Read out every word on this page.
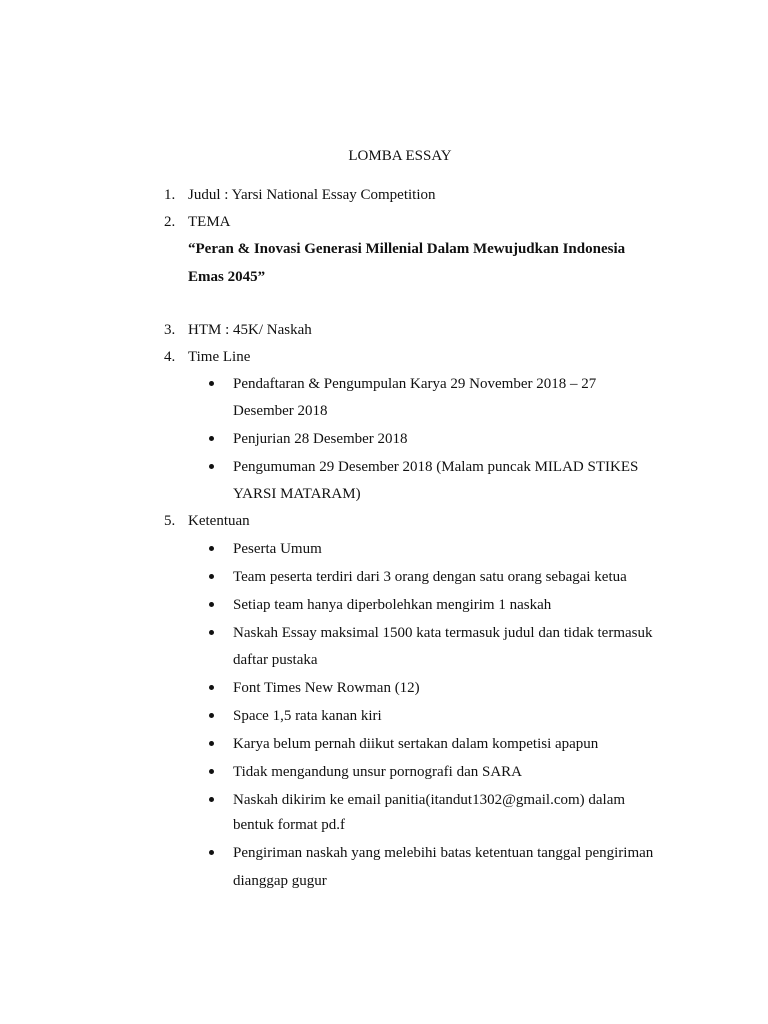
LOMBA ESSAY
1. Judul : Yarsi National Essay Competition
2. TEMA
“Peran & Inovasi Generasi Millenial Dalam Mewujudkan Indonesia
Emas 2045”
3. HTM : 45K/ Naskah
4. Time Line
Pendaftaran & Pengumpulan Karya 29 November 2018 – 27
Desember 2018
Penjurian 28 Desember 2018
Pengumuman 29 Desember 2018 (Malam puncak MILAD STIKES
YARSI MATARAM)
5. Ketentuan
Peserta Umum
Team peserta terdiri dari 3 orang dengan satu orang sebagai ketua
Setiap team hanya diperbolehkan mengirim 1 naskah
Naskah Essay maksimal 1500 kata termasuk judul dan tidak termasuk
daftar pustaka
Font Times New Rowman (12)
Space 1,5 rata kanan kiri
Karya belum pernah diikut sertakan dalam kompetisi apapun
Tidak mengandung unsur pornografi dan SARA
Naskah dikirim ke email panitia(itandut1302@gmail.com) dalam
bentuk format pd.f
Pengiriman naskah yang melebihi batas ketentuan tanggal pengiriman
dianggap gugur
